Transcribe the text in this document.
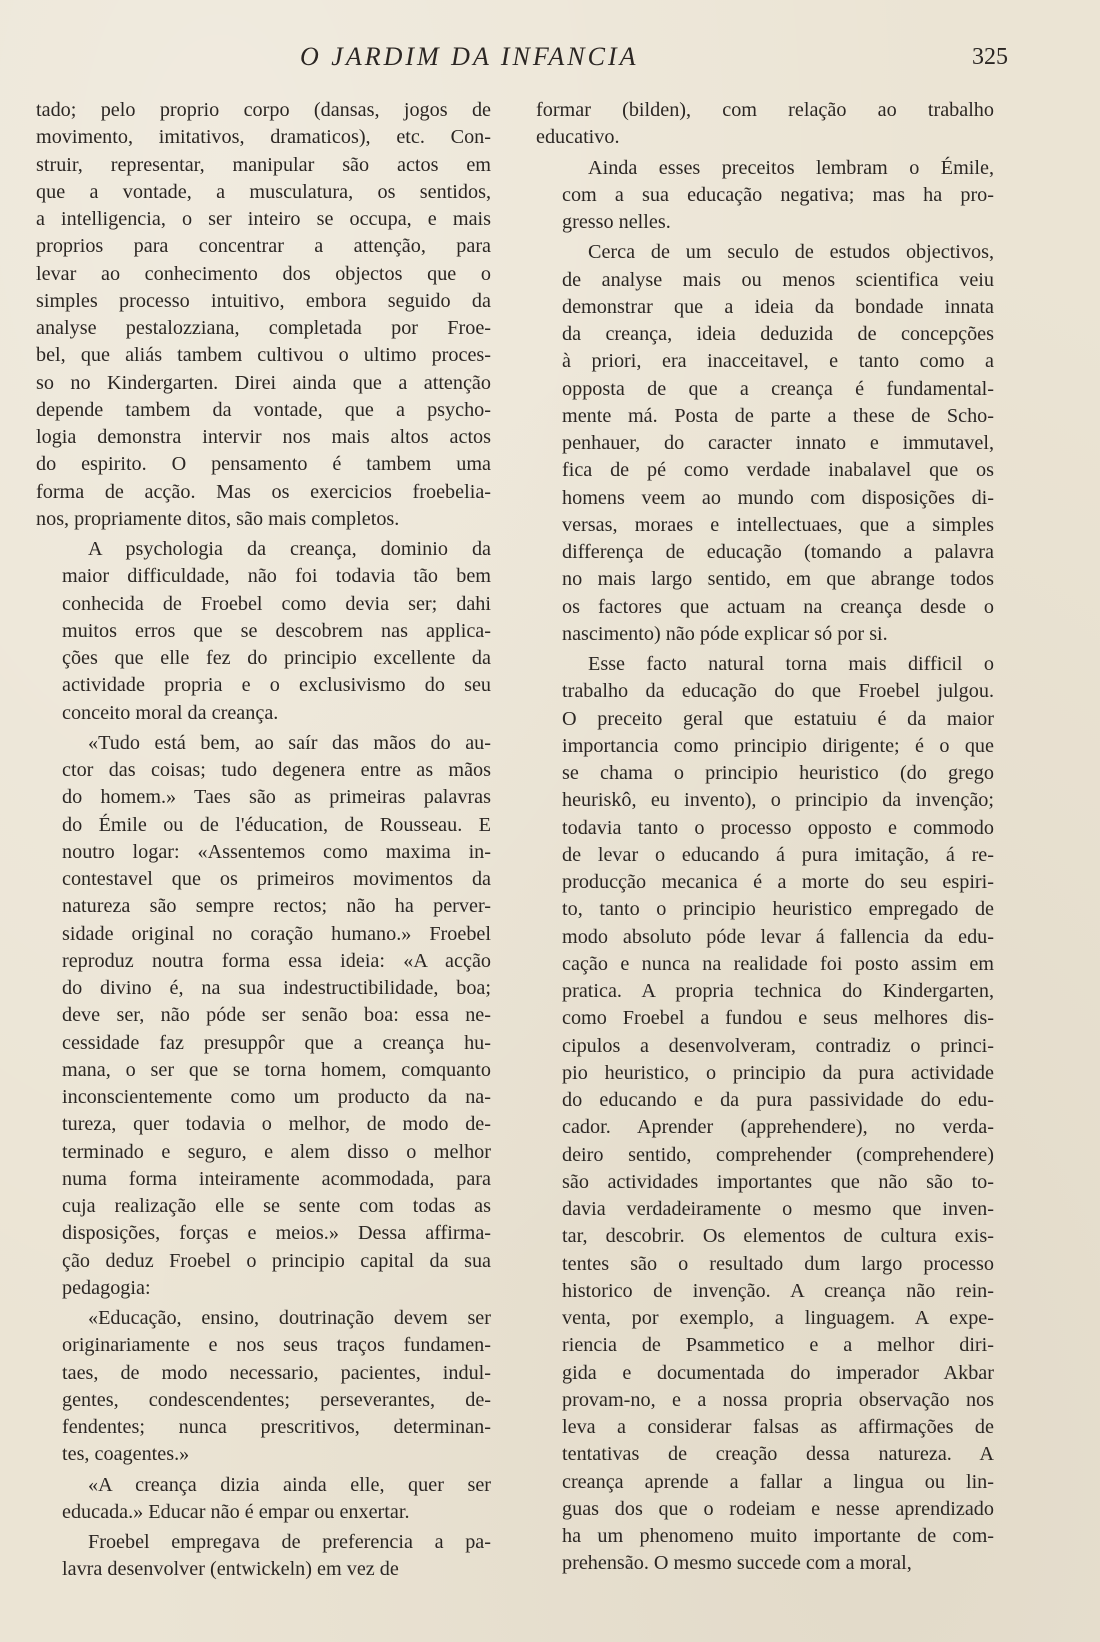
O JARDIM DA INFANCIA	325

tado; pelo proprio corpo (dansas, jogos de
movimento, imitativos, dramaticos), etc. Con-
struir, representar, manipular são actos em
que a vontade, a musculatura, os sentidos,
a intelligencia, o ser inteiro se occupa, e mais
proprios para concentrar a attenção, para
levar ao conhecimento dos objectos que o
simples processo intuitivo, embora seguido da
analyse pestalozziana, completada por Froe-
bel, que aliás tambem cultivou o ultimo proces-
so no Kindergarten. Direi ainda que a attenção
depende tambem da vontade, que a psycho-
logia demonstra intervir nos mais altos actos
do espirito. O pensamento é tambem uma
forma de acção. Mas os exercicios froebelia-
nos, propriamente ditos, são mais completos.

A psychologia da creança, dominio da
maior difficuldade, não foi todavia tão bem
conhecida de Froebel como devia ser; dahi
muitos erros que se descobrem nas applica-
ções que elle fez do principio excellente da
actividade propria e o exclusivismo do seu
conceito moral da creança.

«Tudo está bem, ao saír das mãos do au-
ctor das coisas; tudo degenera entre as mãos
do homem.» Taes são as primeiras palavras
do Émile ou de l'éducation, de Rousseau. E
noutro logar: «Assentemos como maxima in-
contestavel que os primeiros movimentos da
natureza são sempre rectos; não ha perver-
sidade original no coração humano.» Froebel
reproduz noutra forma essa ideia: «A acção
do divino é, na sua indestructibilidade, boa;
deve ser, não póde ser senão boa: essa ne-
cessidade faz presuppôr que a creança hu-
mana, o ser que se torna homem, comquanto
inconscientemente como um producto da na-
tureza, quer todavia o melhor, de modo de-
terminado e seguro, e alem disso o melhor
numa forma inteiramente acommodada, para
cuja realização elle se sente com todas as
disposições, forças e meios.» Dessa affirma-
ção deduz Froebel o principio capital da sua
pedagogia:

«Educação, ensino, doutrinação devem ser
originariamente e nos seus traços fundamen-
taes, de modo necessario, pacientes, indul-
gentes, condescendentes; perseverantes, de-
fendentes; nunca prescritivos, determinan-
tes, coagentes.»

«A creança dizia ainda elle, quer ser
educada.» Educar não é empar ou enxertar.

Froebel empregava de preferencia a pa-
lavra desenvolver (entwickeln) em vez de

formar (bilden), com relação ao trabalho
educativo.

Ainda esses preceitos lembram o Émile,
com a sua educação negativa; mas ha pro-
gresso nelles.

Cerca de um seculo de estudos objectivos,
de analyse mais ou menos scientifica veiu
demonstrar que a ideia da bondade innata
da creança, ideia deduzida de concepções
à priori, era inacceitavel, e tanto como a
opposta de que a creança é fundamental-
mente má. Posta de parte a these de Scho-
penhauer, do caracter innato e immutavel,
fica de pé como verdade inabalavel que os
homens veem ao mundo com disposições di-
versas, moraes e intellectuaes, que a simples
differença de educação (tomando a palavra
no mais largo sentido, em que abrange todos
os factores que actuam na creança desde o
nascimento) não póde explicar só por si.

Esse facto natural torna mais difficil o
trabalho da educação do que Froebel julgou.
O preceito geral que estatuiu é da maior
importancia como principio dirigente; é o que
se chama o principio heuristico (do grego
heuriskô, eu invento), o principio da invenção;
todavia tanto o processo opposto e commodo
de levar o educando á pura imitação, á re-
producção mecanica é a morte do seu espiri-
to, tanto o principio heuristico empregado de
modo absoluto póde levar á fallencia da edu-
cação e nunca na realidade foi posto assim em
pratica. A propria technica do Kindergarten,
como Froebel a fundou e seus melhores dis-
cipulos a desenvolveram, contradiz o princi-
pio heuristico, o principio da pura actividade
do educando e da pura passividade do edu-
cador. Aprender (apprehendere), no verda-
deiro sentido, comprehender (comprehendere)
são actividades importantes que não são to-
davia verdadeiramente o mesmo que inven-
tar, descobrir. Os elementos de cultura exis-
tentes são o resultado dum largo processo
historico de invenção. A creança não rein-
venta, por exemplo, a linguagem. A expe-
riencia de Psammetico e a melhor diri-
gida e documentada do imperador Akbar
provam-no, e a nossa propria observação nos
leva a considerar falsas as affirmações de
tentativas de creação dessa natureza. A
creança aprende a fallar a lingua ou lin-
guas dos que o rodeiam e nesse aprendizado
ha um phenomeno muito importante de com-
prehensão. O mesmo succede com a moral,
